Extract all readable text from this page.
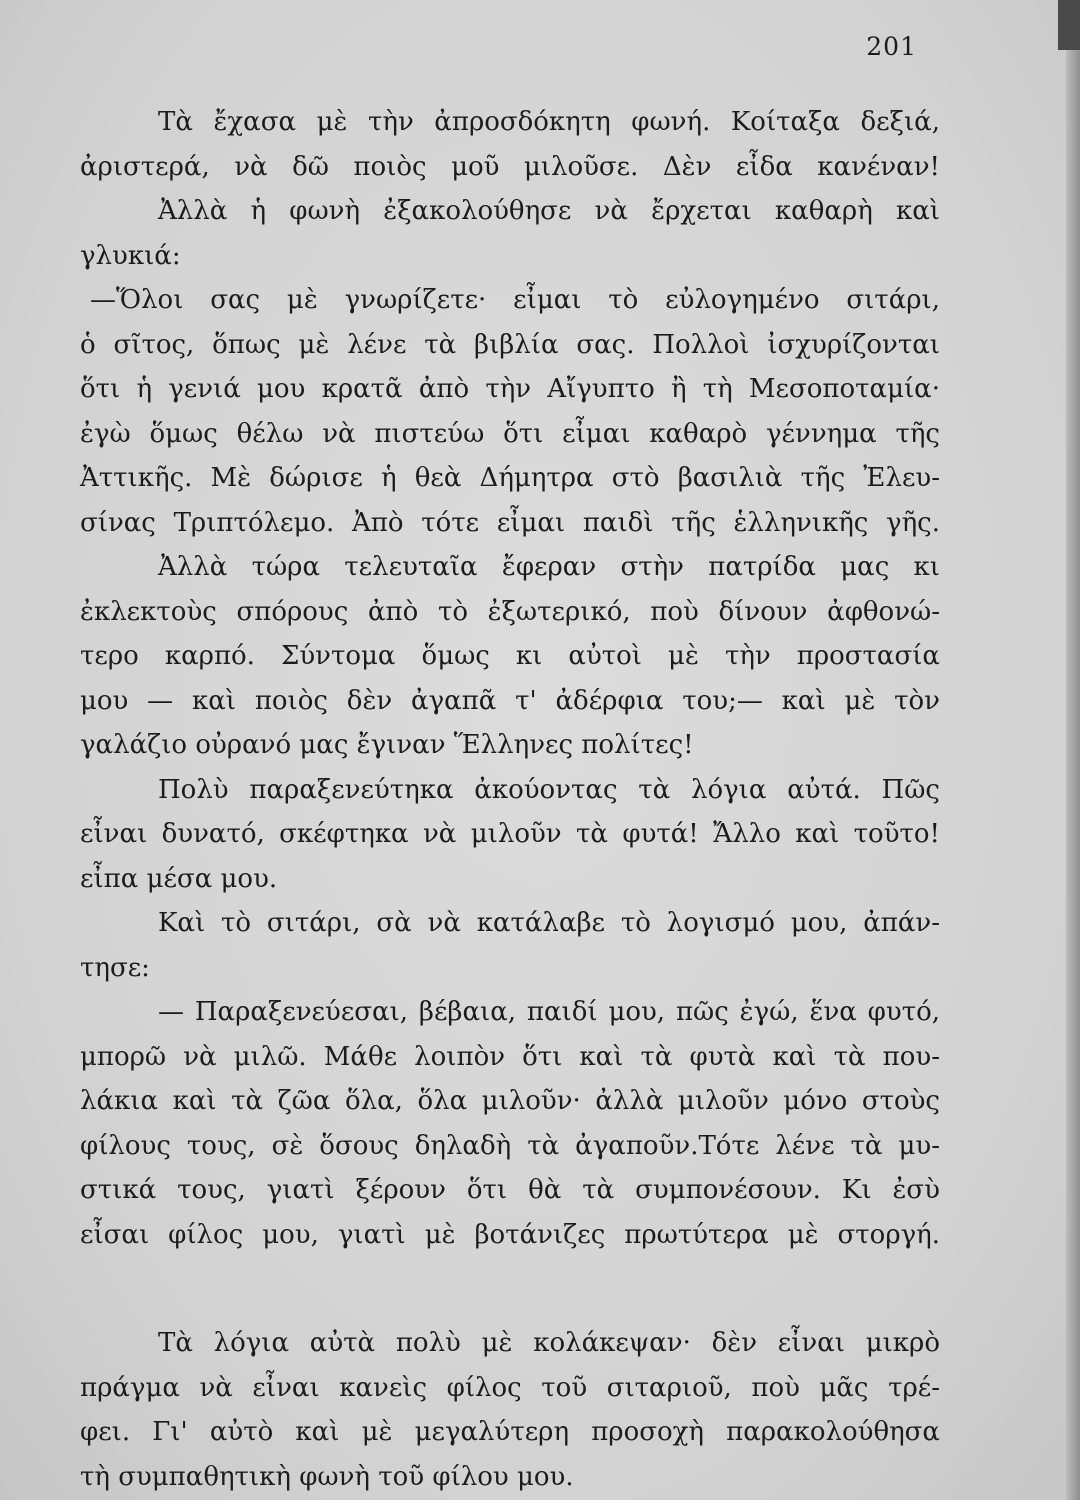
201
Τὰ ἔχασα μὲ τὴν ἀπροσδόκητη φωνή. Κοίταξα δεξιά,
ἀριστερά, νὰ δῶ ποιὸς μοῦ μιλοῦσε. Δὲν εἶδα κανέναν!
Ἀλλὰ ἡ φωνὴ ἐξακολούθησε νὰ ἔρχεται καθαρὴ καὶ
γλυκιά:
—Ὅλοι σας μὲ γνωρίζετε· εἶμαι τὸ εὐλογημένο σιτάρι,
ὁ σῖτος, ὅπως μὲ λένε τὰ βιβλία σας. Πολλοὶ ἰσχυρίζονται
ὅτι ἡ γενιά μου κρατᾶ ἀπὸ τὴν Αἴγυπτο ἢ τὴ Μεσοποταμία·
ἐγὼ ὅμως θέλω νὰ πιστεύω ὅτι εἶμαι καθαρὸ γέννημα τῆς
Ἀττικῆς. Μὲ δώρισε ἡ θεὰ Δήμητρα στὸ βασιλιὰ τῆς Ἐλευ-
σίνας Τριπτόλεμο. Ἀπὸ τότε εἶμαι παιδὶ τῆς ἑλληνικῆς γῆς.
Ἀλλὰ τώρα τελευταῖα ἔφεραν στὴν πατρίδα μας κι
ἐκλεκτοὺς σπόρους ἀπὸ τὸ ἐξωτερικό, ποὺ δίνουν ἀφθονώ-
τερο καρπό. Σύντομα ὅμως κι αὐτοὶ μὲ τὴν προστασία
μου — καὶ ποιὸς δὲν ἀγαπᾶ τ' ἀδέρφια του;— καὶ μὲ τὸν
γαλάζιο οὐρανό μας ἔγιναν Ἕλληνες πολίτες!
Πολὺ παραξενεύτηκα ἀκούοντας τὰ λόγια αὐτά. Πῶς
εἶναι δυνατό, σκέφτηκα νὰ μιλοῦν τὰ φυτά! Ἄλλο καὶ τοῦτο!
εἶπα μέσα μου.
Καὶ τὸ σιτάρι, σὰ νὰ κατάλαβε τὸ λογισμό μου, ἀπάν-
τησε:
— Παραξενεύεσαι, βέβαια, παιδί μου, πῶς ἐγώ, ἕνα φυτό,
μπορῶ νὰ μιλῶ. Μάθε λοιπὸν ὅτι καὶ τὰ φυτὰ καὶ τὰ που-
λάκια καὶ τὰ ζῶα ὅλα, ὅλα μιλοῦν· ἀλλὰ μιλοῦν μόνο στοὺς
φίλους τους, σὲ ὅσους δηλαδὴ τὰ ἀγαποῦν.Τότε λένε τὰ μυ-
στικά τους, γιατὶ ξέρουν ὅτι θὰ τὰ συμπονέσουν. Κι ἐσὺ
εἶσαι φίλος μου, γιατὶ μὲ βοτάνιζες πρωτύτερα μὲ στοργή.
Τὰ λόγια αὐτὰ πολὺ μὲ κολάκεψαν· δὲν εἶναι μικρὸ
πράγμα νὰ εἶναι κανεὶς φίλος τοῦ σιταριοῦ, ποὺ μᾶς τρέ-
φει. Γι' αὐτὸ καὶ μὲ μεγαλύτερη προσοχὴ παρακολούθησα
τὴ συμπαθητικὴ φωνὴ τοῦ φίλου μου.
